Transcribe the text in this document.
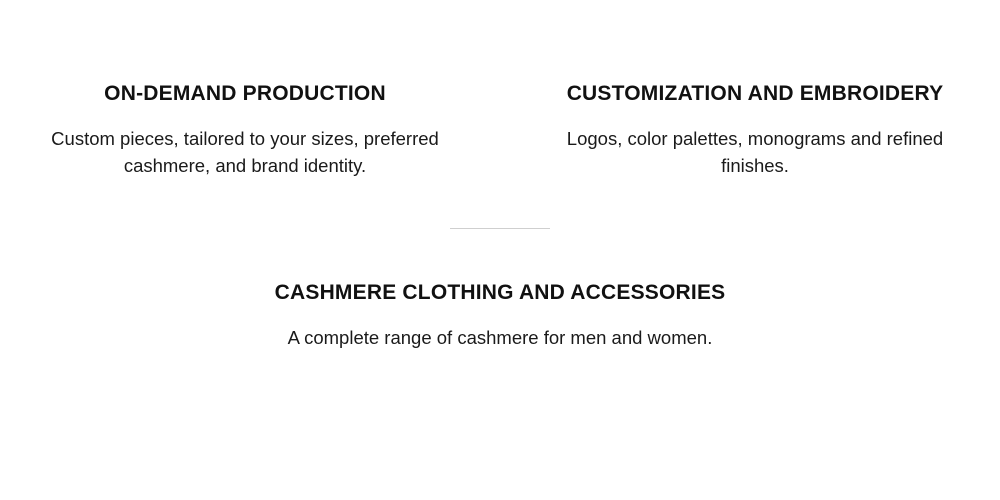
ON-DEMAND PRODUCTION

Custom pieces, tailored to your sizes, preferred cashmere, and brand identity.

CUSTOMIZATION AND EMBROIDERY

Logos, color palettes, monograms and refined finishes.

CASHMERE CLOTHING AND ACCESSORIES

A complete range of cashmere for men and women.
